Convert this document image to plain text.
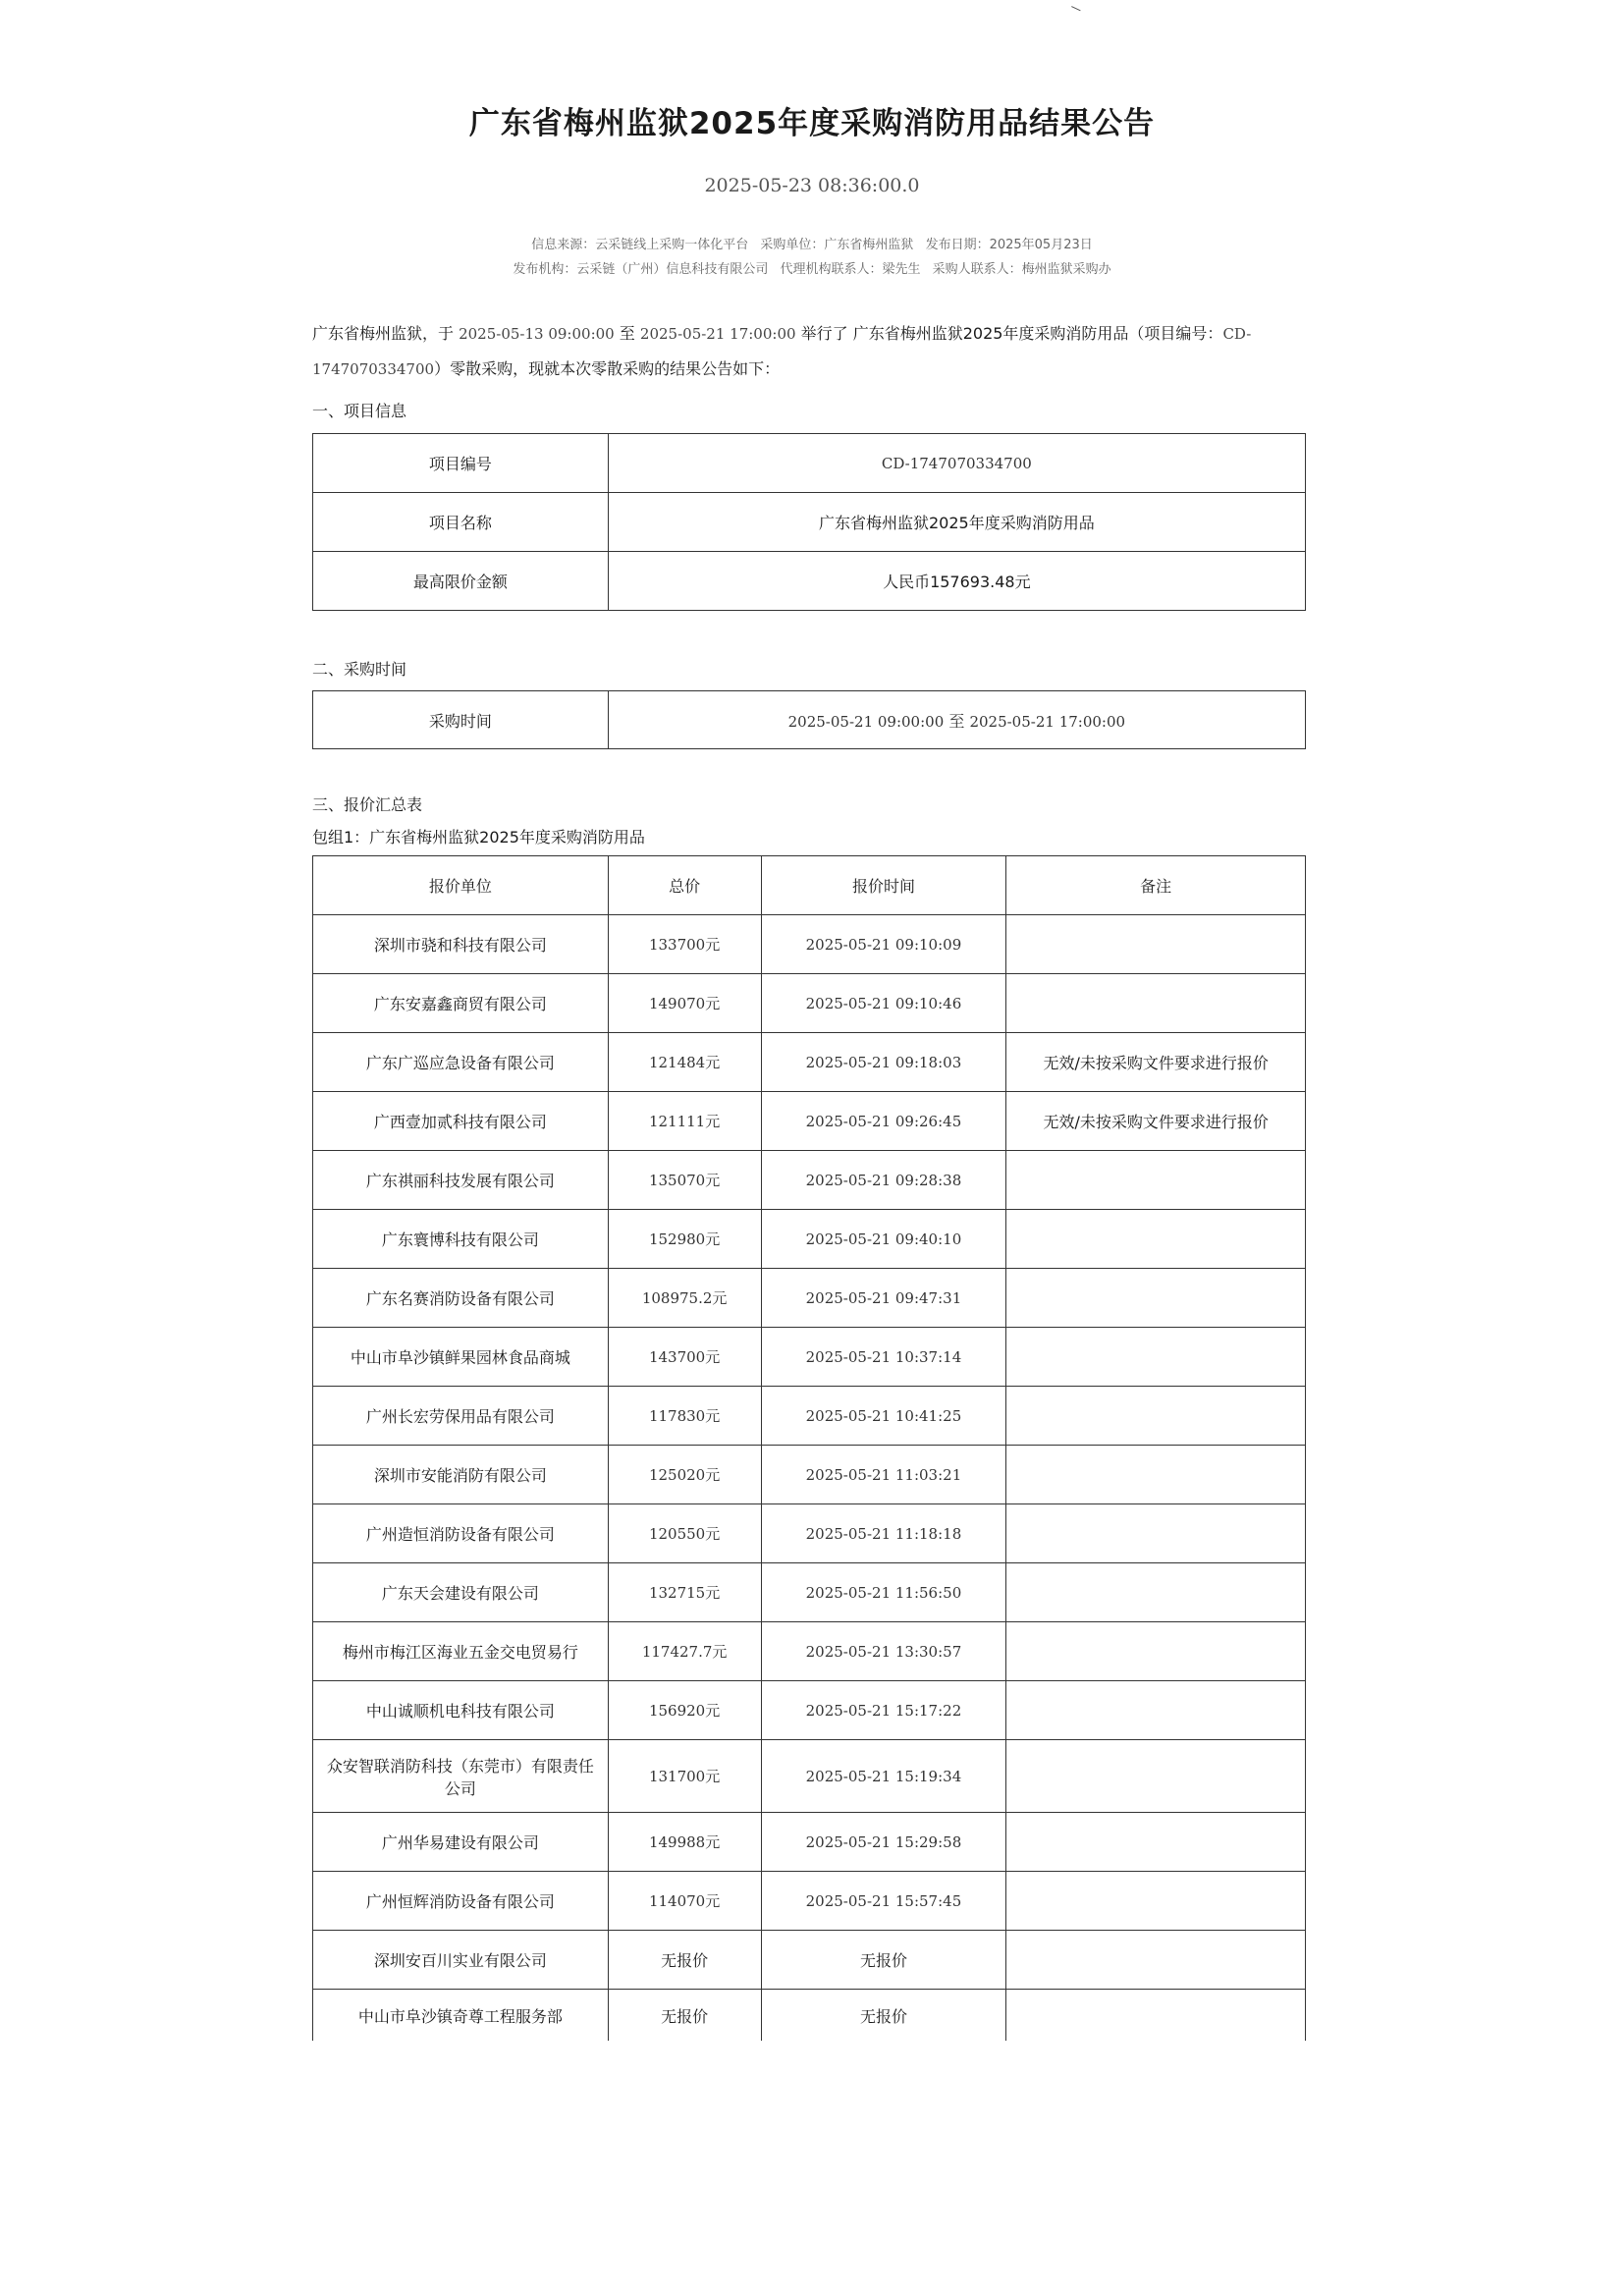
广东省梅州监狱2025年度采购消防用品结果公告
2025-05-23 08:36:00.0
信息来源：云采链线上采购一体化平台 采购单位：广东省梅州监狱 发布日期：2025年05月23日
发布机构：云采链（广州）信息科技有限公司 代理机构联系人：梁先生 采购人联系人：梅州监狱采购办
广东省梅州监狱，于 2025-05-13 09:00:00 至 2025-05-21 17:00:00 举行了 广东省梅州监狱2025年度采购消防用品（项目编号：CD-1747070334700）零散采购，现就本次零散采购的结果公告如下：
一、项目信息
项目编号	CD-1747070334700
项目名称	广东省梅州监狱2025年度采购消防用品
最高限价金额	人民币157693.48元
二、采购时间
采购时间	2025-05-21 09:00:00 至 2025-05-21 17:00:00
三、报价汇总表
包组1：广东省梅州监狱2025年度采购消防用品
报价单位	总价	报价时间	备注
深圳市骁和科技有限公司	133700元	2025-05-21 09:10:09	
广东安嘉鑫商贸有限公司	149070元	2025-05-21 09:10:46	
广东广巡应急设备有限公司	121484元	2025-05-21 09:18:03	无效/未按采购文件要求进行报价
广西壹加贰科技有限公司	121111元	2025-05-21 09:26:45	无效/未按采购文件要求进行报价
广东祺丽科技发展有限公司	135070元	2025-05-21 09:28:38	
广东寰博科技有限公司	152980元	2025-05-21 09:40:10	
广东名赛消防设备有限公司	108975.2元	2025-05-21 09:47:31	
中山市阜沙镇鲜果园林食品商城	143700元	2025-05-21 10:37:14	
广州长宏劳保用品有限公司	117830元	2025-05-21 10:41:25	
深圳市安能消防有限公司	125020元	2025-05-21 11:03:21	
广州造恒消防设备有限公司	120550元	2025-05-21 11:18:18	
广东天会建设有限公司	132715元	2025-05-21 11:56:50	
梅州市梅江区海业五金交电贸易行	117427.7元	2025-05-21 13:30:57	
中山诚顺机电科技有限公司	156920元	2025-05-21 15:17:22	
众安智联消防科技（东莞市）有限责任公司	131700元	2025-05-21 15:19:34	
广州华易建设有限公司	149988元	2025-05-21 15:29:58	
广州恒辉消防设备有限公司	114070元	2025-05-21 15:57:45	
深圳安百川实业有限公司	无报价	无报价	
中山市阜沙镇奇尊工程服务部	无报价	无报价	
